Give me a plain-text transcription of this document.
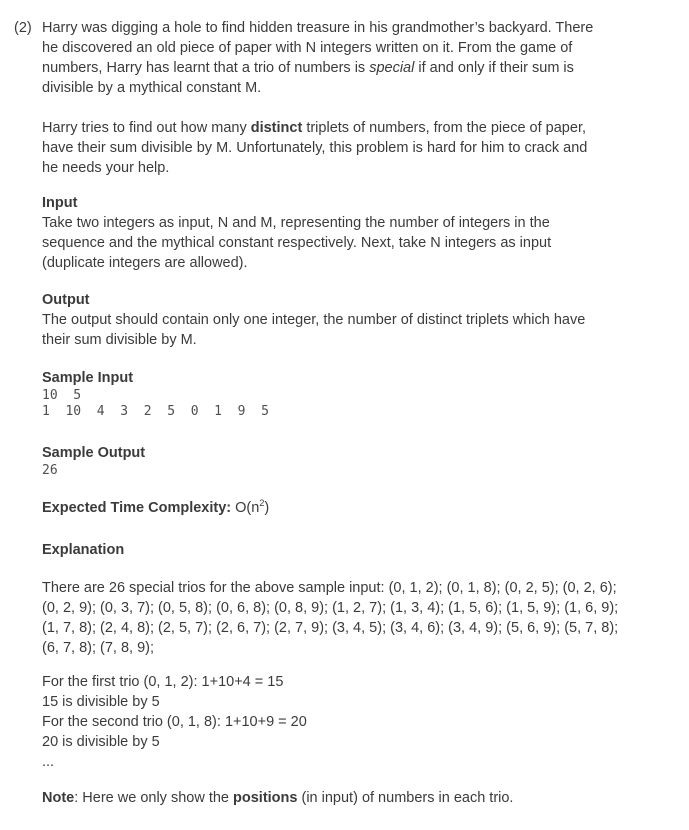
(2) Harry was digging a hole to find hidden treasure in his grandmother’s backyard. There
he discovered an old piece of paper with N integers written on it. From the game of
numbers, Harry has learnt that a trio of numbers is special if and only if their sum is
divisible by a mythical constant M.
Harry tries to find out how many distinct triplets of numbers, from the piece of paper,
have their sum divisible by M. Unfortunately, this problem is hard for him to crack and
he needs your help.
Input
Take two integers as input, N and M, representing the number of integers in the
sequence and the mythical constant respectively. Next, take N integers as input
(duplicate integers are allowed).
Output
The output should contain only one integer, the number of distinct triplets which have
their sum divisible by M.
Sample Input
10  5
1  10  4  3  2  5  0  1  9  5
Sample Output
26
Expected Time Complexity: $O(n^2)$
Explanation
There are 26 special trios for the above sample input: (0, 1, 2); (0, 1, 8); (0, 2, 5); (0, 2, 6);
(0, 2, 9); (0, 3, 7); (0, 5, 8); (0, 6, 8); (0, 8, 9); (1, 2, 7); (1, 3, 4); (1, 5, 6); (1, 5, 9); (1, 6, 9);
(1, 7, 8); (2, 4, 8); (2, 5, 7); (2, 6, 7); (2, 7, 9); (3, 4, 5); (3, 4, 6); (3, 4, 9); (5, 6, 9); (5, 7, 8);
(6, 7, 8); (7, 8, 9);
For the first trio (0, 1, 2): 1+10+4 = 15
15 is divisible by 5
For the second trio (0, 1, 8): 1+10+9 = 20
20 is divisible by 5
...
Note: Here we only show the positions (in input) of numbers in each trio.
